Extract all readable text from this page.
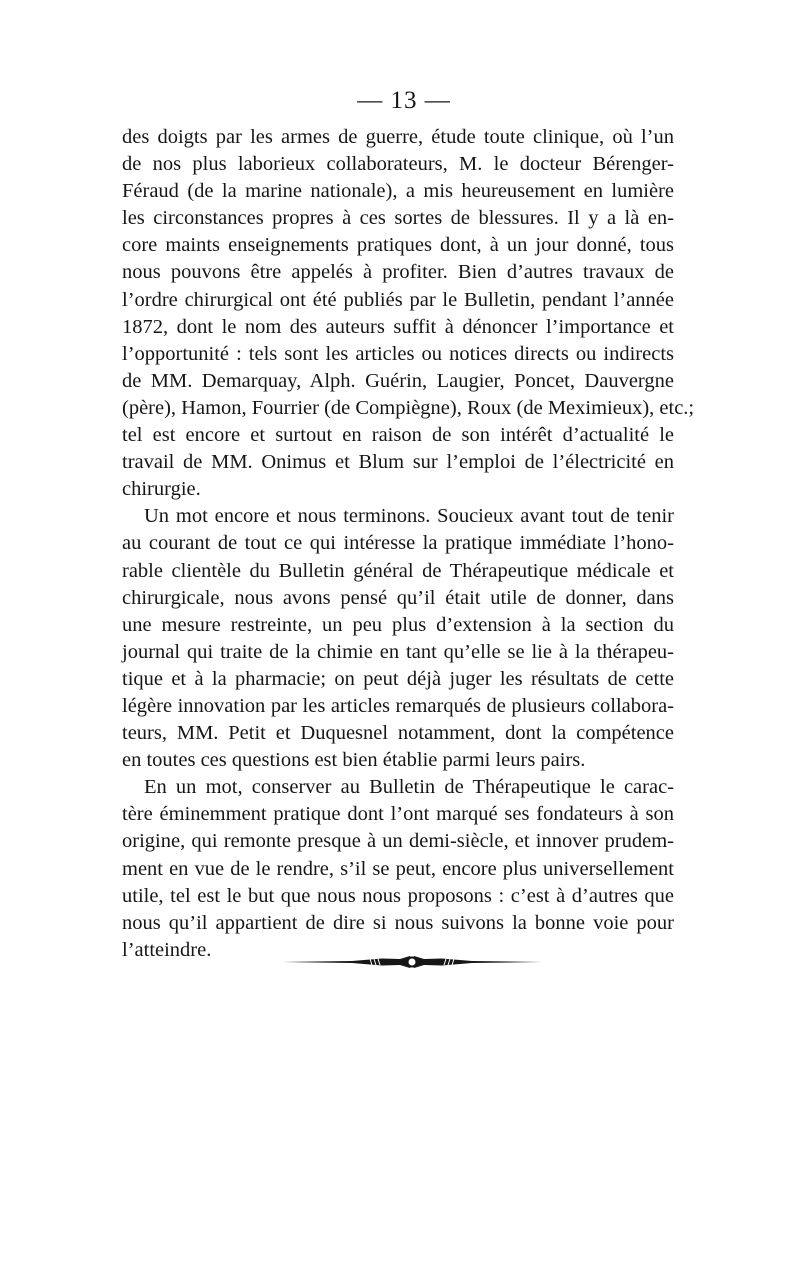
— 13 —
des doigts par les armes de guerre, étude toute clinique, où l’un
de nos plus laborieux collaborateurs, M. le docteur Bérenger-
Féraud (de la marine nationale), a mis heureusement en lumière
les circonstances propres à ces sortes de blessures. Il y a là en-
core maints enseignements pratiques dont, à un jour donné, tous
nous pouvons être appelés à profiter. Bien d’autres travaux de
l’ordre chirurgical ont été publiés par le Bulletin, pendant l’année
1872, dont le nom des auteurs suffit à dénoncer l’importance et
l’opportunité : tels sont les articles ou notices directs ou indirects
de MM. Demarquay, Alph. Guérin, Laugier, Poncet, Dauvergne
(père), Hamon, Fourrier (de Compiègne), Roux (de Meximieux), etc.;
tel est encore et surtout en raison de son intérêt d’actualité le
travail de MM. Onimus et Blum sur l’emploi de l’électricité en
chirurgie.
Un mot encore et nous terminons. Soucieux avant tout de tenir
au courant de tout ce qui intéresse la pratique immédiate l’hono-
rable clientèle du Bulletin général de Thérapeutique médicale et
chirurgicale, nous avons pensé qu’il était utile de donner, dans
une mesure restreinte, un peu plus d’extension à la section du
journal qui traite de la chimie en tant qu’elle se lie à la thérapeu-
tique et à la pharmacie; on peut déjà juger les résultats de cette
légère innovation par les articles remarqués de plusieurs collabora-
teurs, MM. Petit et Duquesnel notamment, dont la compétence
en toutes ces questions est bien établie parmi leurs pairs.
En un mot, conserver au Bulletin de Thérapeutique le carac-
tère éminemment pratique dont l’ont marqué ses fondateurs à son
origine, qui remonte presque à un demi-siècle, et innover prudem-
ment en vue de le rendre, s’il se peut, encore plus universellement
utile, tel est le but que nous nous proposons : c’est à d’autres que
nous qu’il appartient de dire si nous suivons la bonne voie pour
l’atteindre.
